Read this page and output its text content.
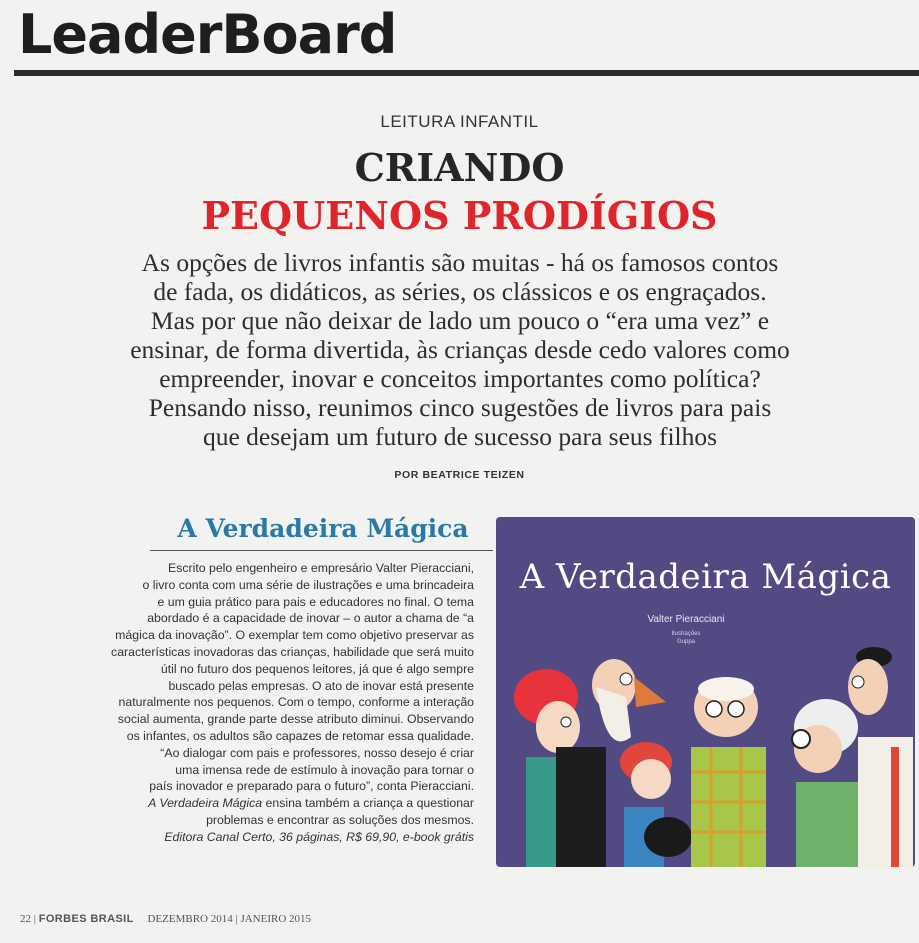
LeaderBoard
LEITURA INFANTIL
CRIANDO
PEQUENOS PRODÍGIOS
As opções de livros infantis são muitas - há os famosos contos
de fada, os didáticos, as séries, os clássicos e os engraçados.
Mas por que não deixar de lado um pouco o “era uma vez” e
ensinar, de forma divertida, às crianças desde cedo valores como
empreender, inovar e conceitos importantes como política?
Pensando nisso, reunimos cinco sugestões de livros para pais
que desejam um futuro de sucesso para seus filhos
POR BEATRICE TEIZEN
A Verdadeira Mágica
Escrito pelo engenheiro e empresário Valter Pieracciani,
o livro conta com uma série de ilustrações e uma brincadeira
e um guia prático para pais e educadores no final. O tema
abordado é a capacidade de inovar – o autor a chama de “a
mágica da inovação”. O exemplar tem como objetivo preservar as
características inovadoras das crianças, habilidade que será muito
útil no futuro dos pequenos leitores, já que é algo sempre
buscado pelas empresas. O ato de inovar está presente
naturalmente nos pequenos. Com o tempo, conforme a interação
social aumenta, grande parte desse atributo diminui. Observando
os infantes, os adultos são capazes de retomar essa qualidade.
“Ao dialogar com pais e professores, nosso desejo é criar
uma imensa rede de estímulo à inovação para tornar o
país inovador e preparado para o futuro”, conta Pieracciani.
A Verdadeira Mágica ensina também a criança a questionar
problemas e encontrar as soluções dos mesmos.
Editora Canal Certo, 36 páginas, R$ 69,90, e-book grátis
A Verdadeira Mágica
Valter Pieracciani
Ilustrações
Guppa
22 | FORBES BRASIL DEZEMBRO 2014 | JANEIRO 2015
